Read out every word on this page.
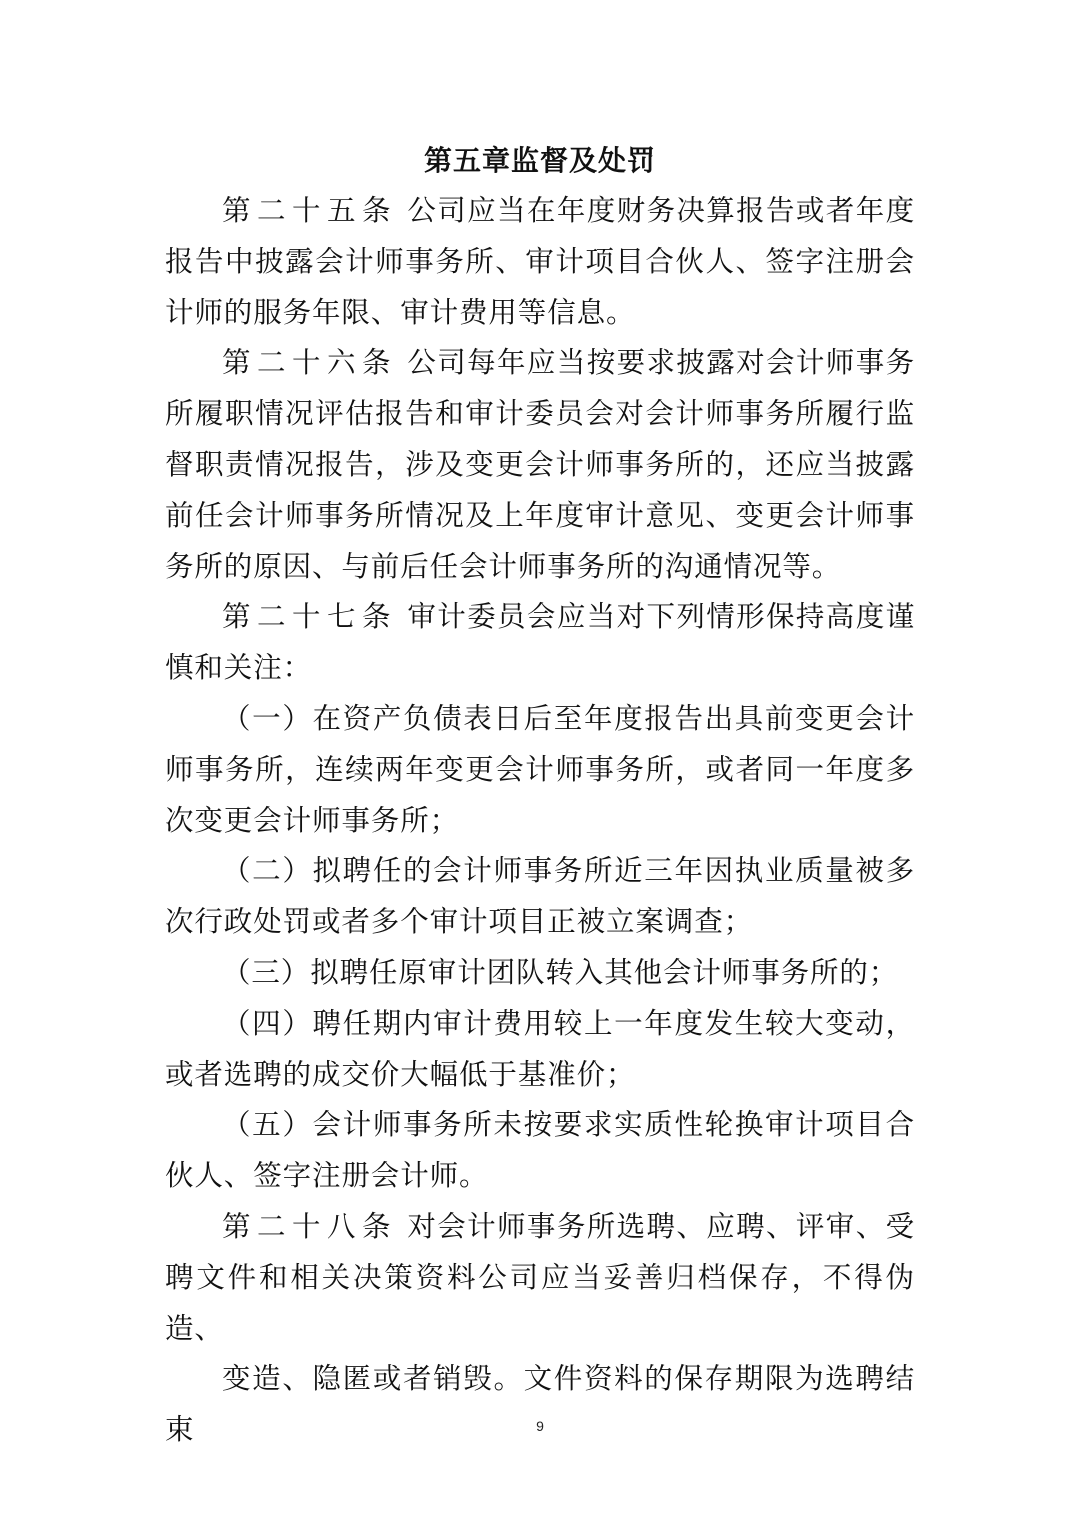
第五章监督及处罚

第二十五条 公司应当在年度财务决算报告或者年度报告中披露会计师事务所、审计项目合伙人、签字注册会计师的服务年限、审计费用等信息。

第二十六条 公司每年应当按要求披露对会计师事务所履职情况评估报告和审计委员会对会计师事务所履行监督职责情况报告，涉及变更会计师事务所的，还应当披露前任会计师事务所情况及上年度审计意见、变更会计师事务所的原因、与前后任会计师事务所的沟通情况等。

第二十七条 审计委员会应当对下列情形保持高度谨慎和关注：

（一）在资产负债表日后至年度报告出具前变更会计师事务所，连续两年变更会计师事务所，或者同一年度多次变更会计师事务所；

（二）拟聘任的会计师事务所近三年因执业质量被多次行政处罚或者多个审计项目正被立案调查；

（三）拟聘任原审计团队转入其他会计师事务所的；

（四）聘任期内审计费用较上一年度发生较大变动，或者选聘的成交价大幅低于基准价；

（五）会计师事务所未按要求实质性轮换审计项目合伙人、签字注册会计师。

第二十八条 对会计师事务所选聘、应聘、评审、受聘文件和相关决策资料公司应当妥善归档保存，不得伪造、

变造、隐匿或者销毁。文件资料的保存期限为选聘结束	9
